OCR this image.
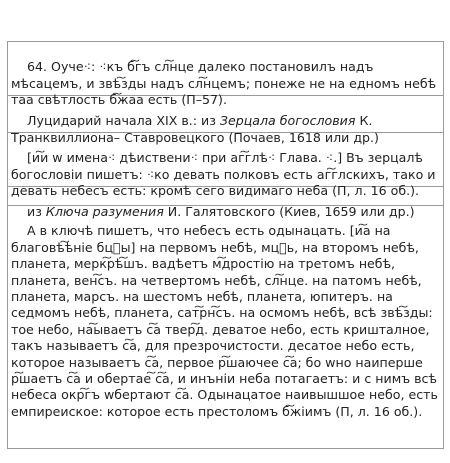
64. Оуче⁖: ⁖къ б͠гъ сл͠нце далеко постановилъ надъ мѣсацемъ, и звѣ͠зды надъ сл͠нцемъ; понеже не на едномъ небѣ таа свѣтлость б͠жаа есть (П–57).

Луцидарий начала XIX в.: из Зерцала богословия К. Транквиллиона– Ставровецкого (Почаев, 1618 или др.)

[и͠и w имена⁖ дѣиствени⁖ при аг͠глѣ⁖ Глава. ⁖.] Въ зерцалѣ богословіи пишетъ: ⁖ко девать полковъ есть аг͠глскихъ, тако и девать небесъ есть: кромѣ сего видимаго неба (П, л. 16 об.).

из Ключа разумения И. Галятовского (Киев, 1659 или др.)

А в ключѣ пишетъ, что небесъ есть одынацать. [и͠а на благовѣ͠ѣніе бцⷣы] на первомъ небѣ, мцⷣь, на второмъ небѣ, планета, мерк͠рѣ͠шъ. вадѣетъ м͠дростію на третомъ небѣ, планета, вен͠съ. на четвертомъ небѣ, сл͠нце. на патомъ небѣ, планета, марсъ. на шестомъ небѣ, планета, юпитеръ. на седмомъ небѣ, планета, сат͠рн͠съ. на осмомъ небѣ, всѣ звѣ͠зды: тое небо, на͠ываетъ с͠а твер͠д. деватое небо, есть кришталное, такъ называетъ с͠а, для презрочистости. десатое небо есть, которое называетъ с͠а, первое р͠шаючее с͠а; бо wно наиперше р͠шаетъ с͠а и обертае͠ с͠а, и инъніи неба потагаетъ: и с нимъ всѣ небеса окр͠гъ wбертают с͠а. Одынацатое наивышшое небо, есть емпиреиское: которое есть престоломъ б͠жіимъ (П, л. 16 об.).
